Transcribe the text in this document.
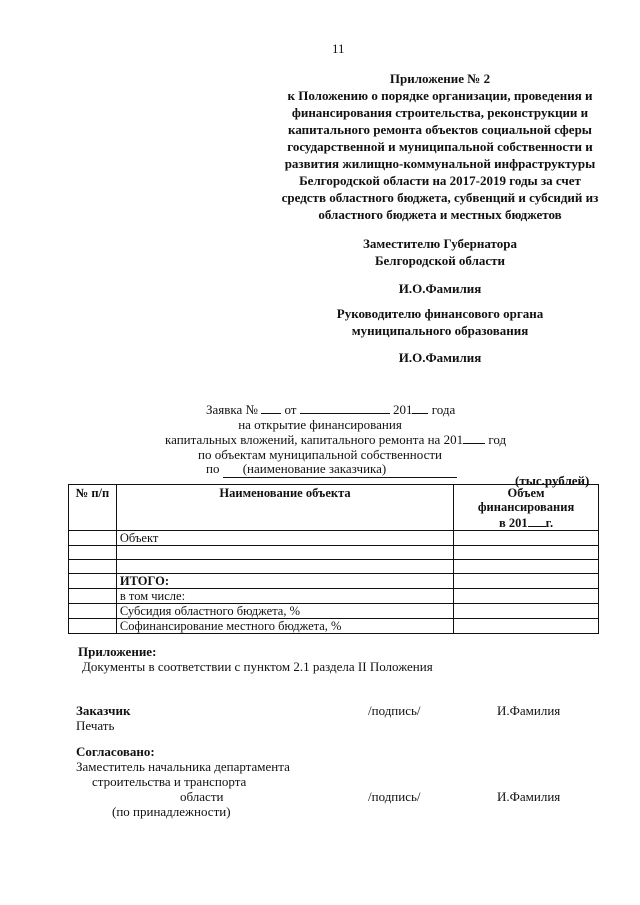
11
Приложение № 2
к Положению о порядке организации, проведения и
финансирования строительства, реконструкции и
капитального ремонта объектов социальной сферы
государственной и муниципальной собственности и
развития жилищно-коммунальной инфраструктуры
Белгородской области на 2017-2019 годы за счет
средств областного бюджета, субвенций и субсидий из
областного бюджета и местных бюджетов
Заместителю Губернатора
Белгородской области
И.О.Фамилия
Руководителю финансового органа
муниципального образования
И.О.Фамилия
Заявка № от	201 года
на открытие финансирования
капитальных вложений, капитального ремонта на 201 год
по объектам муниципальной собственности
по (наименование заказчика)
(тыс.рублей)
№ п/п	Наименование объекта	Объем
финансирования
в 201 г.

	Объект	

	ИТОГО:	
	в том числе:	
	Субсидия областного бюджета, %	
	Софинансирование местного бюджета, %	
Приложение:
Документы в соответствии с пунктом 2.1 раздела II Положения
Заказчик
Печать
/подпись/	И.Фамилия
Согласовано:
Заместитель начальника департамента
строительства и транспорта
области
(по принадлежности)
/подпись/	И.Фамилия
